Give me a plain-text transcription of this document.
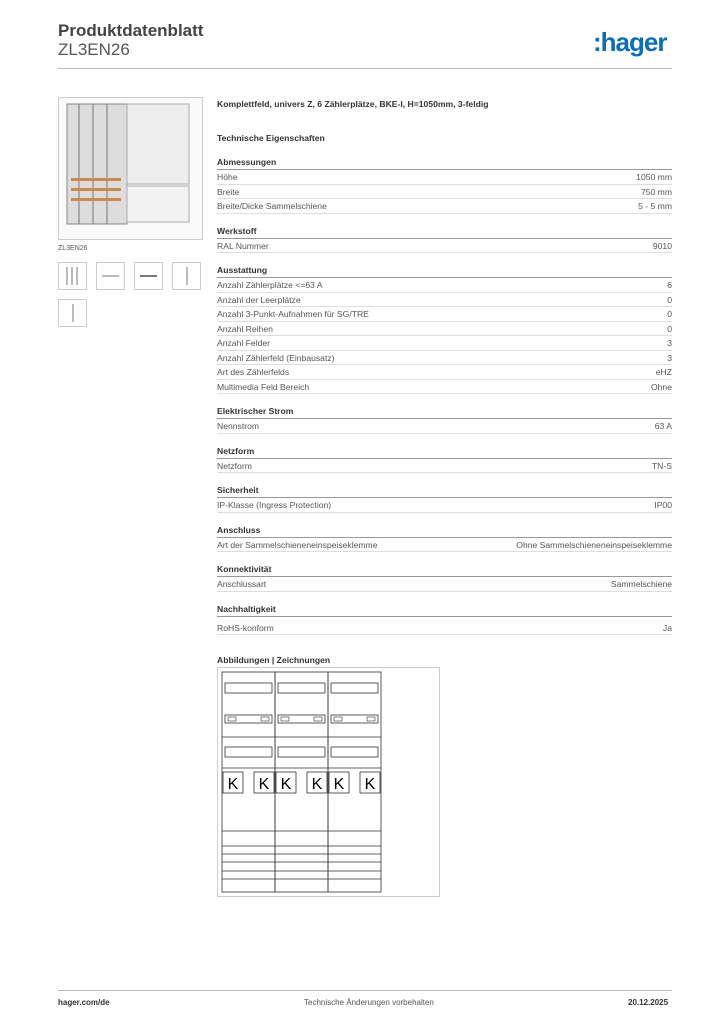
Produktdatenblatt
ZL3EN26	:hager
ZL3EN26
Komplettfeld, univers Z, 6 Zählerplätze, BKE-I, H=1050mm, 3-feldig
Technische Eigenschaften
Abmessungen
Höhe	1050 mm
Breite	750 mm
Breite/Dicke Sammelschiene	5 - 5 mm
Werkstoff
RAL Nummer	9010
Ausstattung
Anzahl Zählerplätze <=63 A	6
Anzahl der Leerplätze	0
Anzahl 3-Punkt-Aufnahmen für SG/TRE	0
Anzahl Reihen	0
Anzahl Felder	3
Anzahl Zählerfeld (Einbausatz)	3
Art des Zählerfelds	eHZ
Multimedia Feld Bereich	Ohne
Elektrischer Strom
Nennstrom	63 A
Netzform
Netzform	TN-S
Sicherheit
IP-Klasse (Ingress Protection)	IP00
Anschluss
Art der Sammelschieneneinspeiseklemme	Ohne Sammelschieneneinspeiseklemme
Konnektivität
Anschlussart	Sammelschiene
Nachhaltigkeit
RoHS-konform	Ja
Abbildungen | Zeichnungen
K K K K K K
hager.com/de	Technische Änderungen vorbehalten	20.12.2025
